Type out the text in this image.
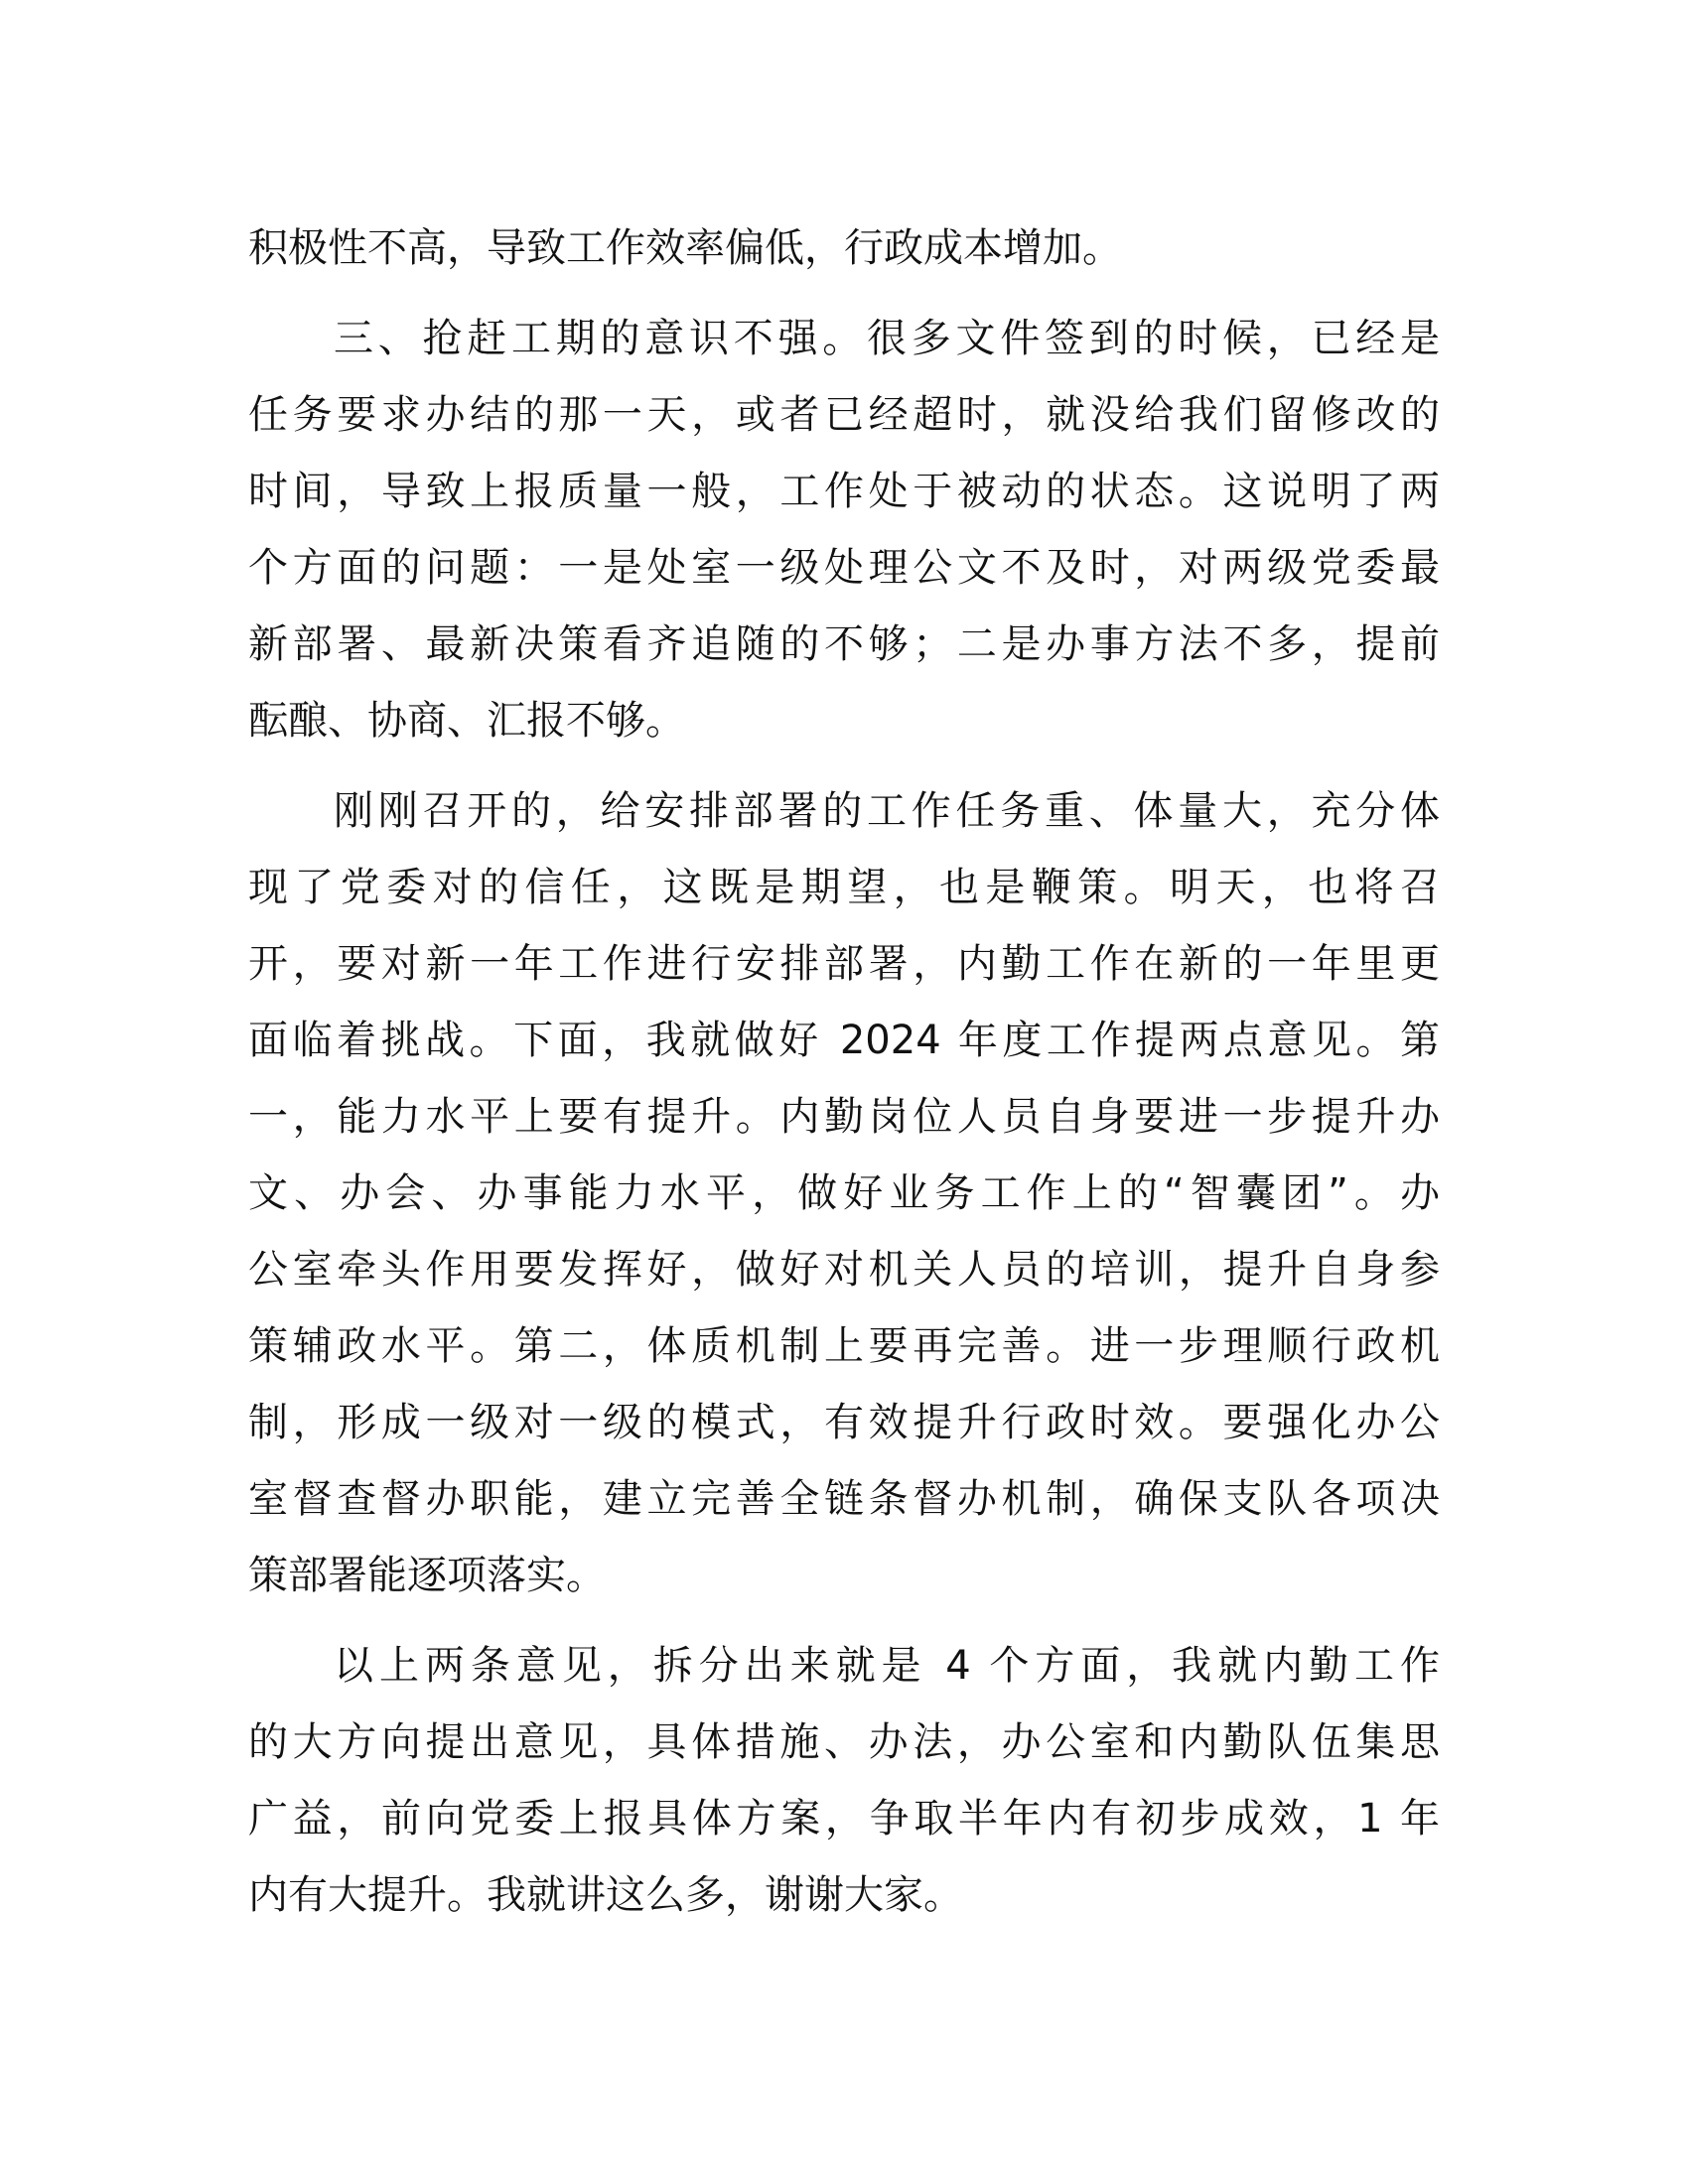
积极性不高，导致工作效率偏低，行政成本增加。

三、抢赶工期的意识不强。很多文件签到的时候，已经是

任务要求办结的那一天，或者已经超时，就没给我们留修改的

时间，导致上报质量一般，工作处于被动的状态。这说明了两

个方面的问题：一是处室一级处理公文不及时，对两级党委最

新部署、最新决策看齐追随的不够；二是办事方法不多，提前

酝酿、协商、汇报不够。

刚刚召开的，给安排部署的工作任务重、体量大，充分体

现了党委对的信任，这既是期望，也是鞭策。明天，也将召

开，要对新一年工作进行安排部署，内勤工作在新的一年里更

面临着挑战。下面，我就做好 2024 年度工作提两点意见。第

一，能力水平上要有提升。内勤岗位人员自身要进一步提升办

文、办会、办事能力水平，做好业务工作上的“智囊团”。办

公室牵头作用要发挥好，做好对机关人员的培训，提升自身参

策辅政水平。第二，体质机制上要再完善。进一步理顺行政机

制，形成一级对一级的模式，有效提升行政时效。要强化办公

室督查督办职能，建立完善全链条督办机制，确保支队各项决

策部署能逐项落实。

以上两条意见，拆分出来就是 4 个方面，我就内勤工作

的大方向提出意见，具体措施、办法，办公室和内勤队伍集思

广益，前向党委上报具体方案，争取半年内有初步成效，1 年

内有大提升。我就讲这么多，谢谢大家。
